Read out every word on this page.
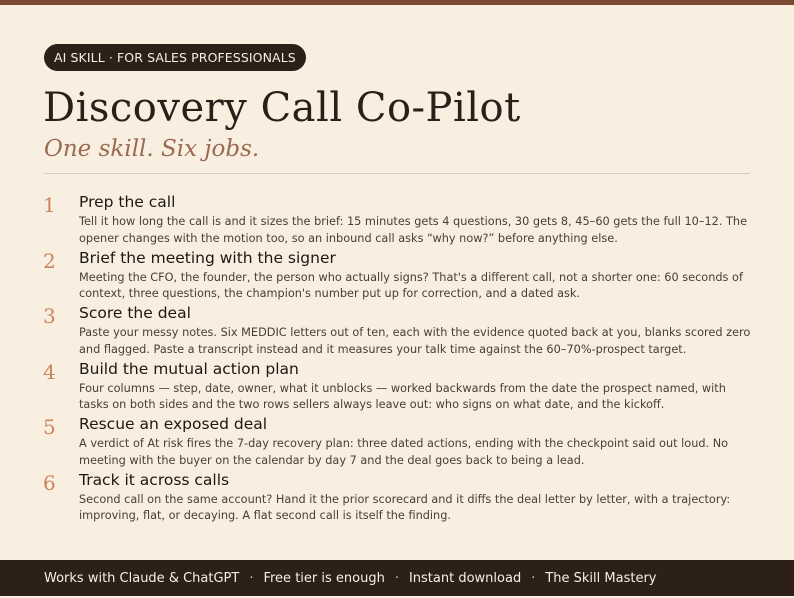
AI SKILL · FOR SALES PROFESSIONALS
Discovery Call Co-Pilot
One skill. Six jobs.
1 Prep the call
Tell it how long the call is and it sizes the brief: 15 minutes gets 4 questions, 30 gets 8, 45–60 gets the full 10–12. The opener changes with the motion too, so an inbound call asks “why now?” before anything else.
2 Brief the meeting with the signer
Meeting the CFO, the founder, the person who actually signs? That's a different call, not a shorter one: 60 seconds of context, three questions, the champion's number put up for correction, and a dated ask.
3 Score the deal
Paste your messy notes. Six MEDDIC letters out of ten, each with the evidence quoted back at you, blanks scored zero and flagged. Paste a transcript instead and it measures your talk time against the 60–70%-prospect target.
4 Build the mutual action plan
Four columns — step, date, owner, what it unblocks — worked backwards from the date the prospect named, with tasks on both sides and the two rows sellers always leave out: who signs on what date, and the kickoff.
5 Rescue an exposed deal
A verdict of At risk fires the 7-day recovery plan: three dated actions, ending with the checkpoint said out loud. No meeting with the buyer on the calendar by day 7 and the deal goes back to being a lead.
6 Track it across calls
Second call on the same account? Hand it the prior scorecard and it diffs the deal letter by letter, with a trajectory: improving, flat, or decaying. A flat second call is itself the finding.
Works with Claude & ChatGPT · Free tier is enough · Instant download · The Skill Mastery
